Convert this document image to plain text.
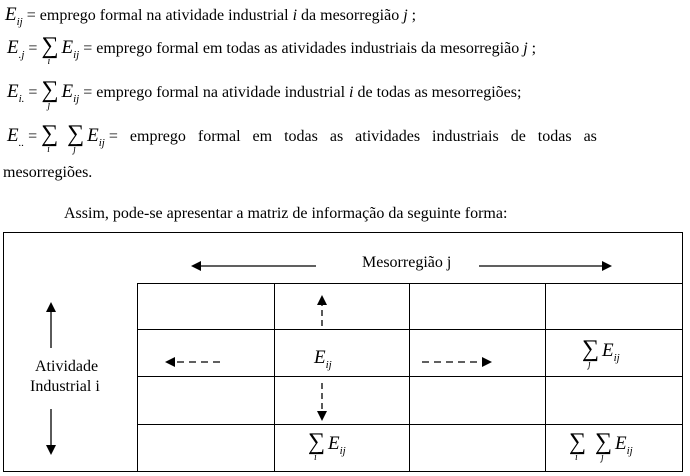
$E_{ij}$ = emprego formal na atividade industrial i da mesorregião j ;
$E_{.j}$ = ∑
i
$E_{ij}$ = emprego formal em todas as atividades industriais da mesorregião j ;
$E_{i.}$ = ∑
j
$E_{ij}$ = emprego formal na atividade industrial i de todas as mesorregiões;
$E_{..}$ = ∑
i
∑
j
$E_{ij}$ =   emprego   formal   em   todas   as   atividades   industriais   de   todas   as
mesorregiões.
Assim, pode-se apresentar a matriz de informação da seguinte forma:
Mesorregião j
Atividade
Industrial i
$E_{ij}$
∑
j
$E_{ij}$
∑
i
$E_{ij}$	∑
i
∑
j
$E_{ij}$
